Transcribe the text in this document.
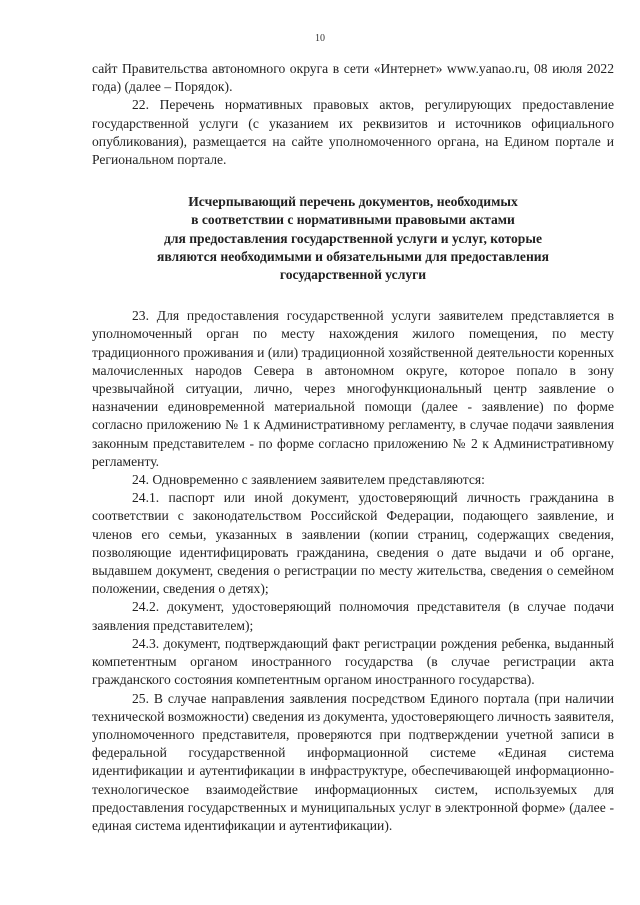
10

сайт Правительства автономного округа в сети «Интернет» www.yanao.ru, 08 июля 2022 года) (далее – Порядок).

22. Перечень нормативных правовых актов, регулирующих предоставление государственной услуги (с указанием их реквизитов и источников официального опубликования), размещается на сайте уполномоченного органа, на Едином портале и Региональном портале.

Исчерпывающий перечень документов, необходимых
в соответствии с нормативными правовыми актами
для предоставления государственной услуги и услуг, которые
являются необходимыми и обязательными для предоставления
государственной услуги

23. Для предоставления государственной услуги заявителем представляется в уполномоченный орган по месту нахождения жилого помещения, по месту традиционного проживания и (или) традиционной хозяйственной деятельности коренных малочисленных народов Севера в автономном округе, которое попало в зону чрезвычайной ситуации, лично, через многофункциональный центр заявление о назначении единовременной материальной помощи (далее - заявление) по форме согласно приложению № 1 к Административному регламенту, в случае подачи заявления законным представителем - по форме согласно приложению № 2 к Административному регламенту.

24. Одновременно с заявлением заявителем представляются:

24.1. паспорт или иной документ, удостоверяющий личность гражданина в соответствии с законодательством Российской Федерации, подающего заявление, и членов его семьи, указанных в заявлении (копии страниц, содержащих сведения, позволяющие идентифицировать гражданина, сведения о дате выдачи и об органе, выдавшем документ, сведения о регистрации по месту жительства, сведения о семейном положении, сведения о детях);

24.2. документ, удостоверяющий полномочия представителя (в случае подачи заявления представителем);

24.3. документ, подтверждающий факт регистрации рождения ребенка, выданный компетентным органом иностранного государства (в случае регистрации акта гражданского состояния компетентным органом иностранного государства).

25. В случае направления заявления посредством Единого портала (при наличии технической возможности) сведения из документа, удостоверяющего личность заявителя, уполномоченного представителя, проверяются при подтверждении учетной записи в федеральной государственной информационной системе «Единая система идентификации и аутентификации в инфраструктуре, обеспечивающей информационно-технологическое взаимодействие информационных систем, используемых для предоставления государственных и муниципальных услуг в электронной форме» (далее - единая система идентификации и аутентификации).
